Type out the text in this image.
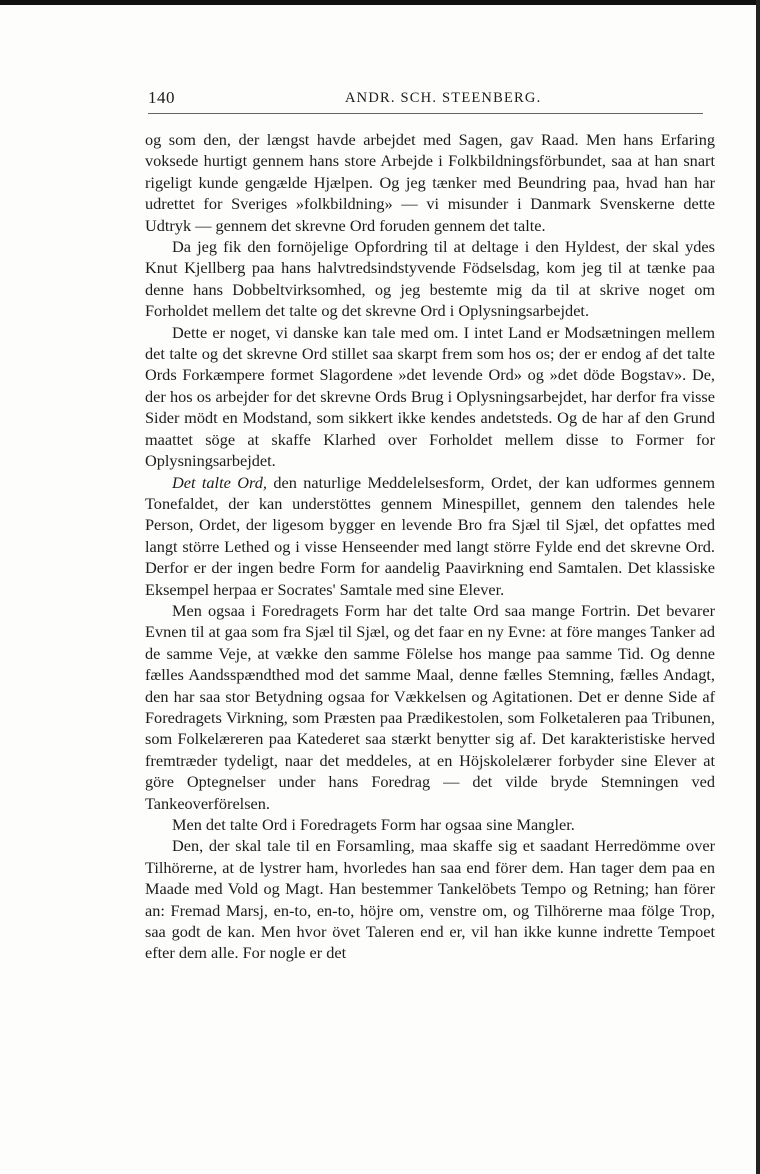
140	ANDR. SCH. STEENBERG.

og som den, der længst havde arbejdet med Sagen, gav Raad. Men hans Erfaring voksede hurtigt gennem hans store Arbejde i Folkbildningsförbundet, saa at han snart rigeligt kunde gengælde Hjælpen. Og jeg tænker med Beundring paa, hvad han har udrettet for Sveriges »folkbildning» — vi misunder i Danmark Svenskerne dette Udtryk — gennem det skrevne Ord foruden gennem det talte.

Da jeg fik den fornöjelige Opfordring til at deltage i den Hyldest, der skal ydes Knut Kjellberg paa hans halvtredsindstyvende Födselsdag, kom jeg til at tænke paa denne hans Dobbeltvirksomhed, og jeg bestemte mig da til at skrive noget om Forholdet mellem det talte og det skrevne Ord i Oplysningsarbejdet.

Dette er noget, vi danske kan tale med om. I intet Land er Modsætningen mellem det talte og det skrevne Ord stillet saa skarpt frem som hos os; der er endog af det talte Ords Forkæmpere formet Slagordene »det levende Ord» og »det döde Bogstav». De, der hos os arbejder for det skrevne Ords Brug i Oplysningsarbejdet, har derfor fra visse Sider mödt en Modstand, som sikkert ikke kendes andetsteds. Og de har af den Grund maattet söge at skaffe Klarhed over Forholdet mellem disse to Former for Oplysningsarbejdet.

Det talte Ord, den naturlige Meddelelsesform, Ordet, der kan udformes gennem Tonefaldet, der kan understöttes gennem Minespillet, gennem den talendes hele Person, Ordet, der ligesom bygger en levende Bro fra Sjæl til Sjæl, det opfattes med langt större Lethed og i visse Henseender med langt större Fylde end det skrevne Ord. Derfor er der ingen bedre Form for aandelig Paavirkning end Samtalen. Det klassiske Eksempel herpaa er Socrates' Samtale med sine Elever.

Men ogsaa i Foredragets Form har det talte Ord saa mange Fortrin. Det bevarer Evnen til at gaa som fra Sjæl til Sjæl, og det faar en ny Evne: at före manges Tanker ad de samme Veje, at vække den samme Fölelse hos mange paa samme Tid. Og denne fælles Aandsspændthed mod det samme Maal, denne fælles Stemning, fælles Andagt, den har saa stor Betydning ogsaa for Vækkelsen og Agitationen. Det er denne Side af Foredragets Virkning, som Præsten paa Prædikestolen, som Folketaleren paa Tribunen, som Folkelæreren paa Katederet saa stærkt benytter sig af. Det karakteristiske herved fremtræder tydeligt, naar det meddeles, at en Höjskolelærer forbyder sine Elever at göre Optegnelser under hans Foredrag — det vilde bryde Stemningen ved Tankeoverförelsen.

Men det talte Ord i Foredragets Form har ogsaa sine Mangler.

Den, der skal tale til en Forsamling, maa skaffe sig et saadant Herredömme over Tilhörerne, at de lystrer ham, hvorledes han saa end förer dem. Han tager dem paa en Maade med Vold og Magt. Han bestemmer Tankelöbets Tempo og Retning; han förer an: Fremad Marsj, en-to, en-to, höjre om, venstre om, og Tilhörerne maa fölge Trop, saa godt de kan. Men hvor övet Taleren end er, vil han ikke kunne indrette Tempoet efter dem alle. For nogle er det
